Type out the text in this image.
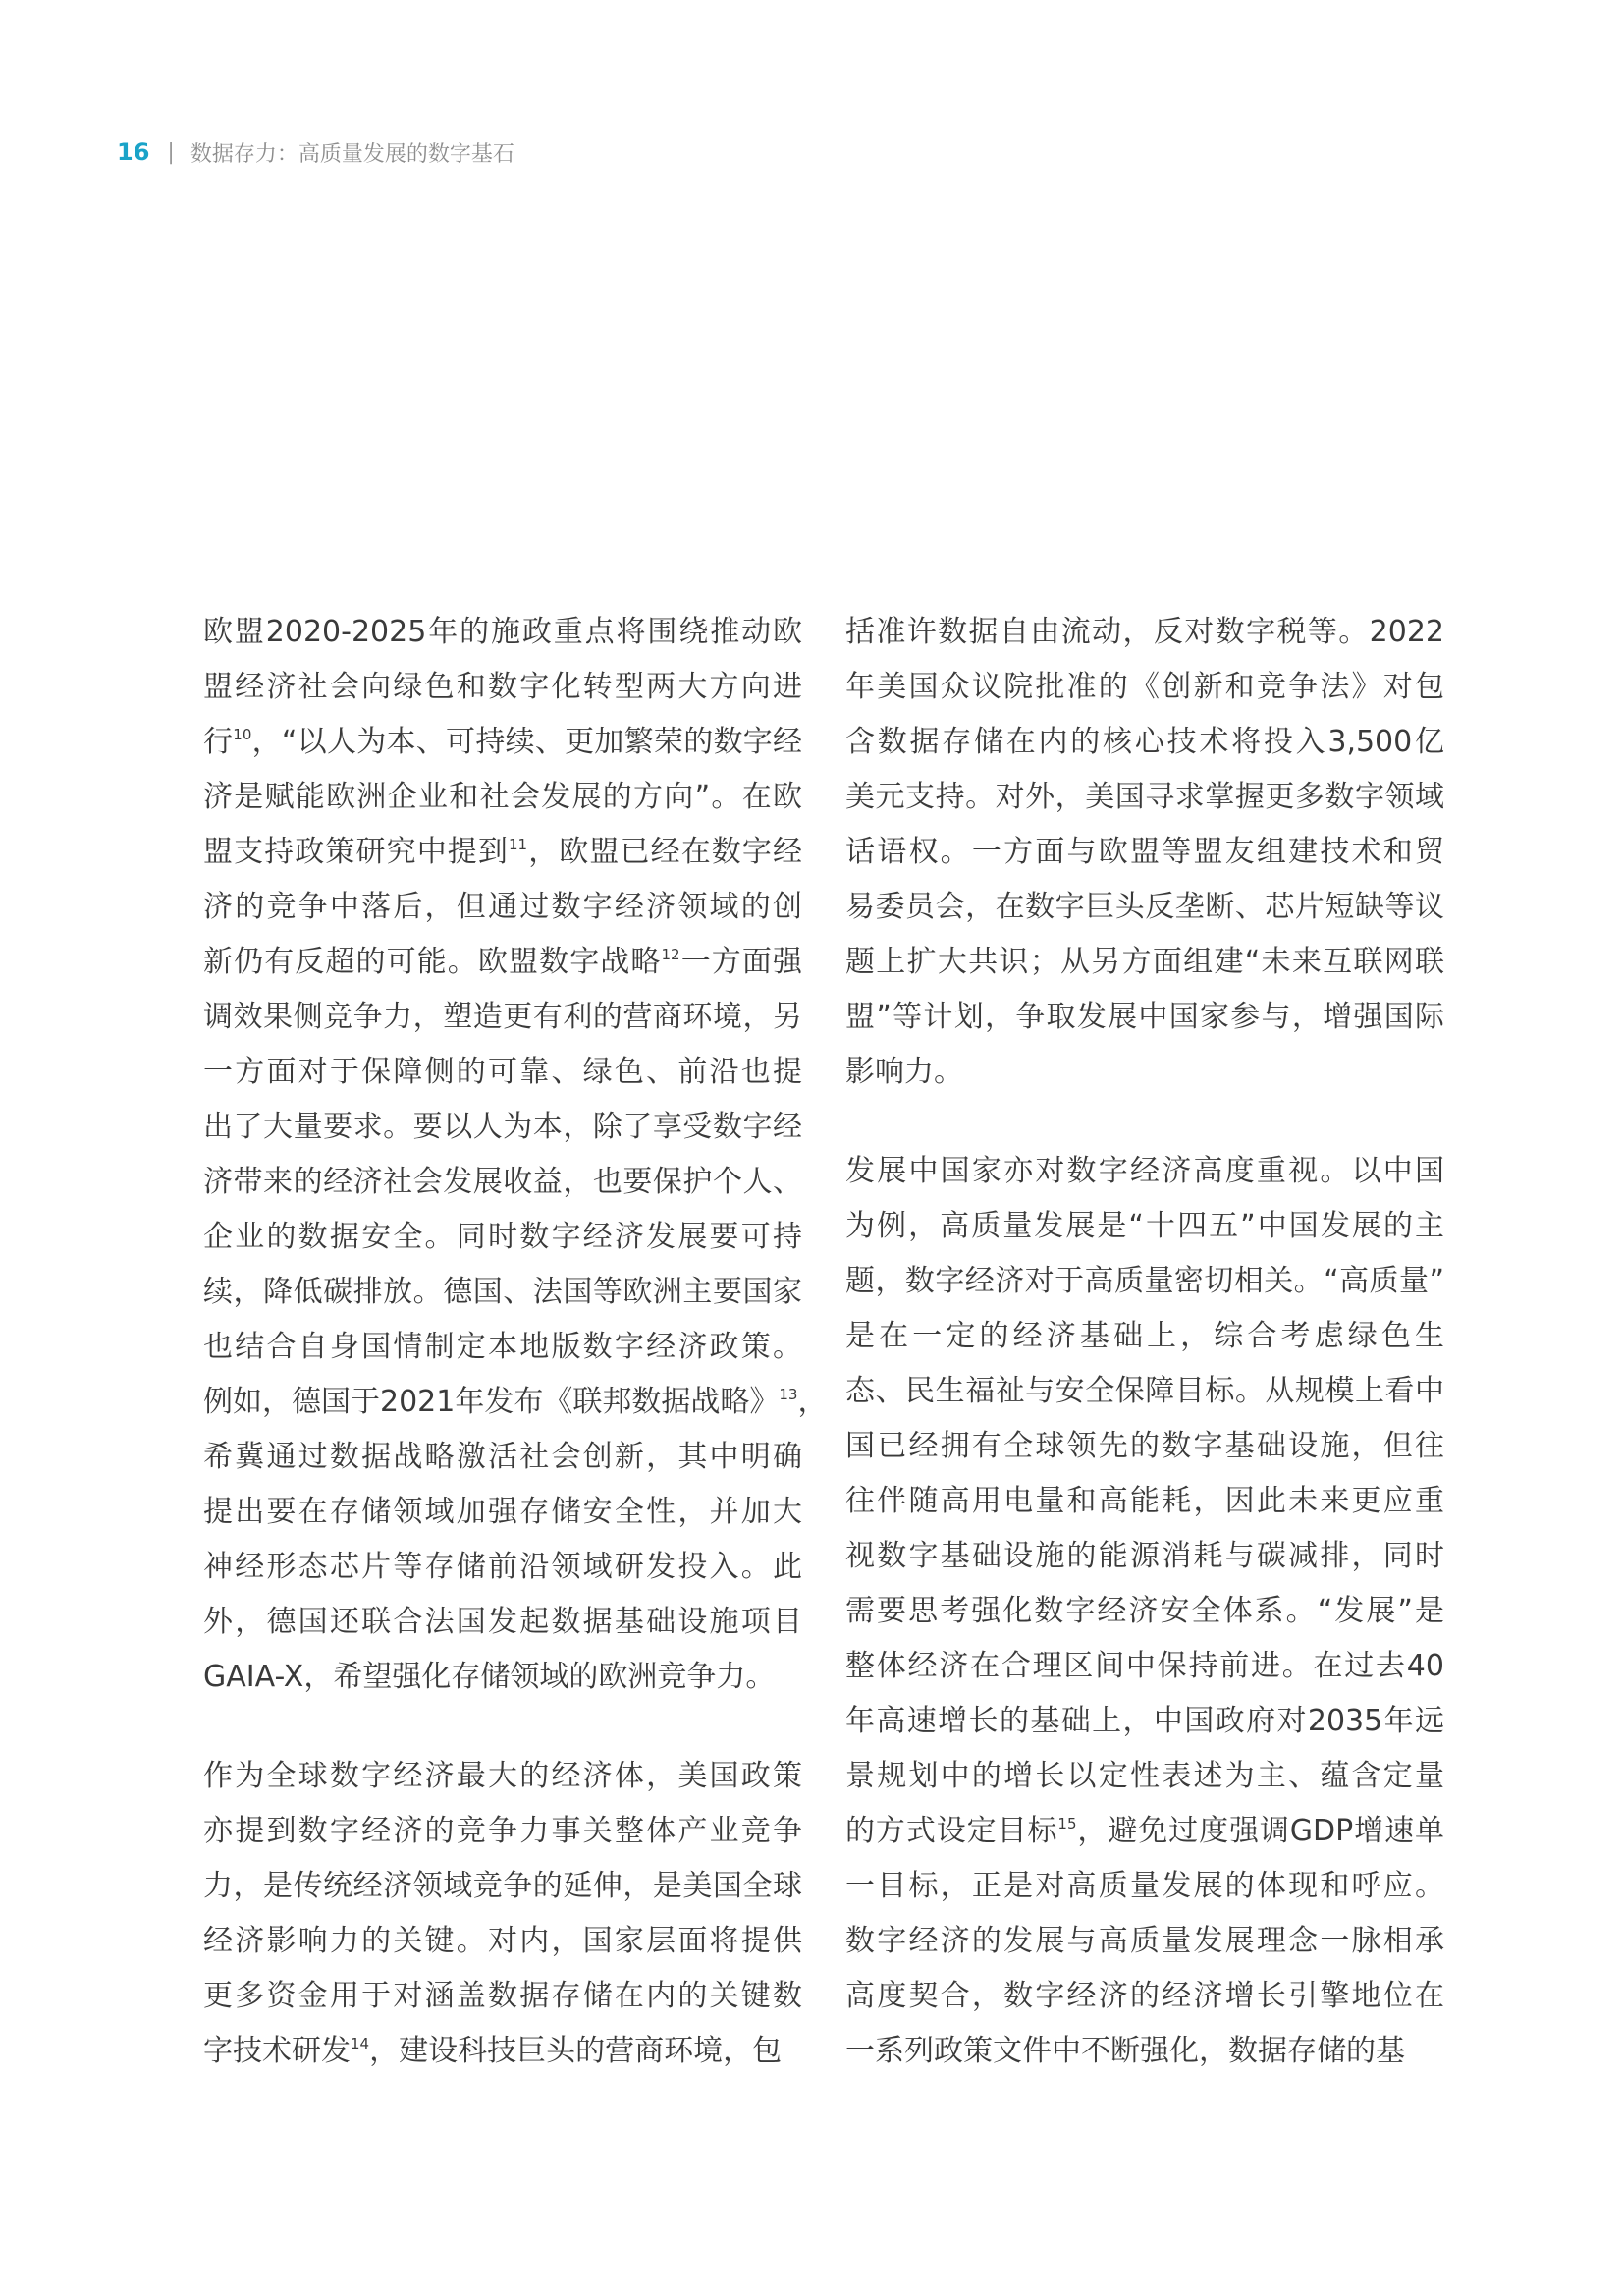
16 | 数据存力：高质量发展的数字基石
欧盟2020-2025年的施政重点将围绕推动欧
盟经济社会向绿色和数字化转型两大方向进
行$^{10}$，“以人为本、可持续、更加繁荣的数字经
济是赋能欧洲企业和社会发展的方向”。在欧
盟支持政策研究中提到$^{11}$，欧盟已经在数字经
济的竞争中落后，但通过数字经济领域的创
新仍有反超的可能。欧盟数字战略$^{12}$一方面强
调效果侧竞争力，塑造更有利的营商环境，另
一方面对于保障侧的可靠、绿色、前沿也提
出了大量要求。要以人为本，除了享受数字经
济带来的经济社会发展收益，也要保护个人、
企业的数据安全。同时数字经济发展要可持
续，降低碳排放。德国、法国等欧洲主要国家
也结合自身国情制定本地版数字经济政策。
例如，德国于2021年发布《联邦数据战略》$^{13}$，
希冀通过数据战略激活社会创新，其中明确
提出要在存储领域加强存储安全性，并加大
神经形态芯片等存储前沿领域研发投入。此
外，德国还联合法国发起数据基础设施项目
GAIA-X，希望强化存储领域的欧洲竞争力。
作为全球数字经济最大的经济体，美国政策
亦提到数字经济的竞争力事关整体产业竞争
力，是传统经济领域竞争的延伸，是美国全球
经济影响力的关键。对内，国家层面将提供
更多资金用于对涵盖数据存储在内的关键数
字技术研发$^{14}$，建设科技巨头的营商环境，包
括准许数据自由流动，反对数字税等。2022
年美国众议院批准的《创新和竞争法》对包
含数据存储在内的核心技术将投入3,500亿
美元支持。对外，美国寻求掌握更多数字领域
话语权。一方面与欧盟等盟友组建技术和贸
易委员会，在数字巨头反垄断、芯片短缺等议
题上扩大共识；从另方面组建“未来互联网联
盟”等计划，争取发展中国家参与，增强国际
影响力。
发展中国家亦对数字经济高度重视。以中国
为例，高质量发展是“十四五”中国发展的主
题，数字经济对于高质量密切相关。“高质量”
是在一定的经济基础上，综合考虑绿色生
态、民生福祉与安全保障目标。从规模上看中
国已经拥有全球领先的数字基础设施，但往
往伴随高用电量和高能耗，因此未来更应重
视数字基础设施的能源消耗与碳减排，同时
需要思考强化数字经济安全体系。“发展”是
整体经济在合理区间中保持前进。在过去40
年高速增长的基础上，中国政府对2035年远
景规划中的增长以定性表述为主、蕴含定量
的方式设定目标$^{15}$，避免过度强调GDP增速单
一目标，正是对高质量发展的体现和呼应。
数字经济的发展与高质量发展理念一脉相承
高度契合，数字经济的经济增长引擎地位在
一系列政策文件中不断强化，数据存储的基
